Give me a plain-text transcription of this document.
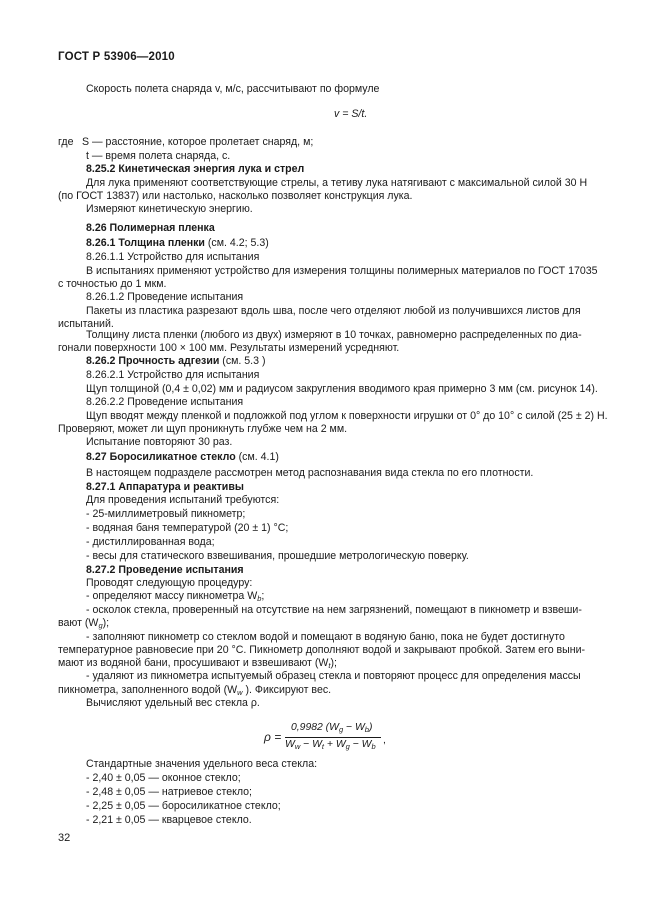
ГОСТ Р 53906—2010
Скорость полета снаряда v, м/с, рассчитывают по формуле
v = S/t.
где S — расстояние, которое пролетает снаряд, м;
t — время полета снаряда, с.
8.25.2 Кинетическая энергия лука и стрел
Для лука применяют соответствующие стрелы, а тетиву лука натягивают с максимальной силой 30 Н
(по ГОСТ 13837) или настолько, насколько позволяет конструкция лука.
Измеряют кинетическую энергию.
8.26 Полимерная пленка
8.26.1 Толщина пленки (см. 4.2; 5.3)
8.26.1.1 Устройство для испытания
В испытаниях применяют устройство для измерения толщины полимерных материалов по ГОСТ 17035
с точностью до 1 мкм.
8.26.1.2 Проведение испытания
Пакеты из пластика разрезают вдоль шва, после чего отделяют любой из получившихся листов для
испытаний.
Толщину листа пленки (любого из двух) измеряют в 10 точках, равномерно распределенных по диа-
гонали поверхности 100 × 100 мм. Результаты измерений усредняют.
8.26.2 Прочность адгезии (см. 5.3 )
8.26.2.1 Устройство для испытания
Щуп толщиной (0,4 ± 0,02) мм и радиусом закругления вводимого края примерно 3 мм (см. рисунок 14).
8.26.2.2 Проведение испытания
Щуп вводят между пленкой и подложкой под углом к поверхности игрушки от 0° до 10° с силой (25 ± 2) Н.
Проверяют, может ли щуп проникнуть глубже чем на 2 мм.
Испытание повторяют 30 раз.
8.27 Боросиликатное стекло (см. 4.1)
В настоящем подразделе рассмотрен метод распознавания вида стекла по его плотности.
8.27.1 Аппаратура и реактивы
Для проведения испытаний требуются:
- 25-миллиметровый пикнометр;
- водяная баня температурой (20 ± 1) °С;
- дистиллированная вода;
- весы для статического взвешивания, прошедшие метрологическую поверку.
8.27.2 Проведение испытания
Проводят следующую процедуру:
- определяют массу пикнометра $W_b$;
- осколок стекла, проверенный на отсутствие на нем загрязнений, помещают в пикнометр и взвеши-
вают $(W_g)$;
- заполняют пикнометр со стеклом водой и помещают в водяную баню, пока не будет достигнуто
температурное равновесие при 20 °С. Пикнометр дополняют водой и закрывают пробкой. Затем его выни-
мают из водяной бани, просушивают и взвешивают $(W_t)$;
- удаляют из пикнометра испытуемый образец стекла и повторяют процесс для определения массы
пикнометра, заполненного водой ($W_w$ ). Фиксируют вес.
Вычисляют удельный вес стекла ρ.
ρ =
0,9982 $(W_g - W_b)$
$W_w - W_t + W_g - W_b$
,
Стандартные значения удельного веса стекла:
- 2,40 ± 0,05 — оконное стекло;
- 2,48 ± 0,05 — натриевое стекло;
- 2,25 ± 0,05 — боросиликатное стекло;
- 2,21 ± 0,05 — кварцевое стекло.
32
